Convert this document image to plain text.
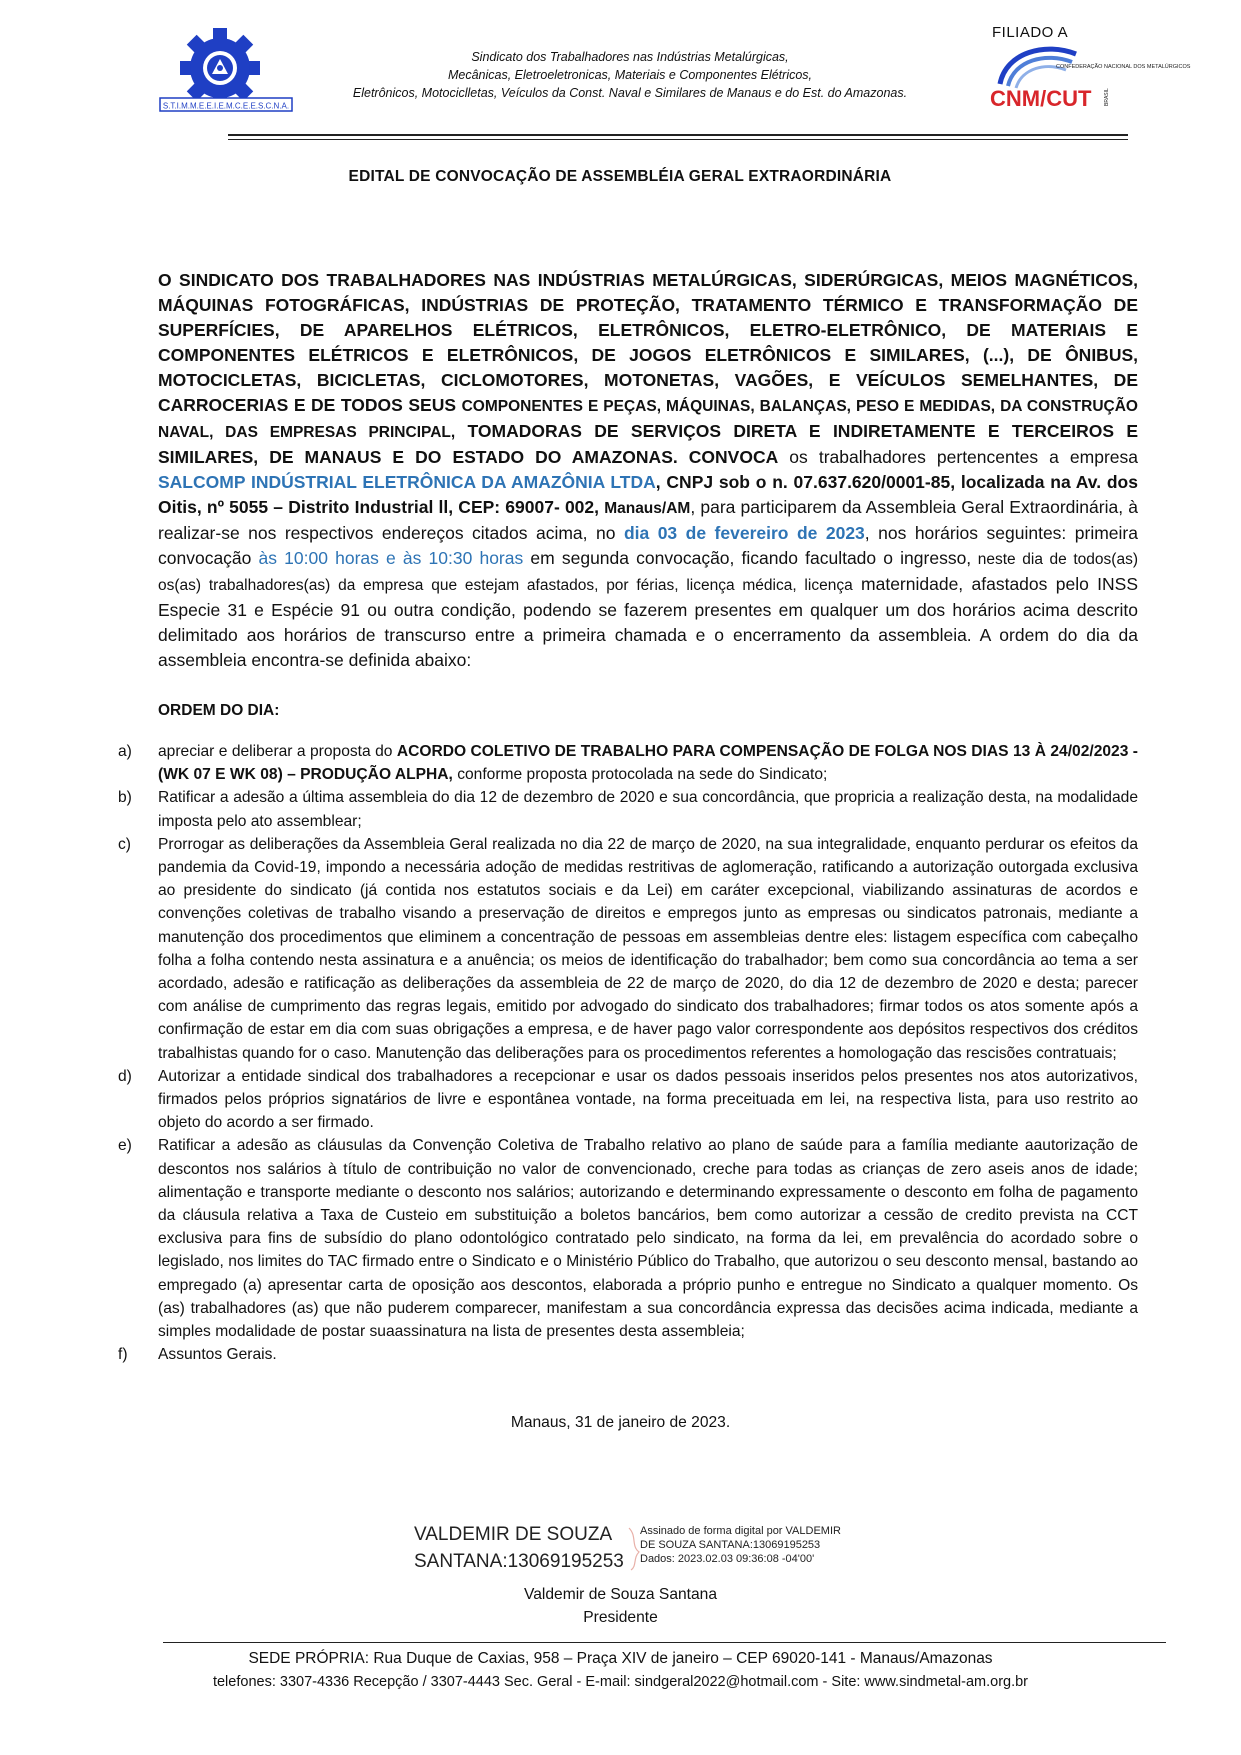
S.T.I.M.M.E.E.I.E.M.C.E.E.S.C.N.A.
Sindicato dos Trabalhadores nas Indústrias Metalúrgicas,
Mecânicas, Eletroeletronicas, Materiais e Componentes Elétricos,
Eletrônicos, Motociclletas, Veículos da Const. Naval e Similares de Manaus e do Est. do Amazonas.
FILIADO A
CONFEDERAÇÃO NACIONAL DOS METALÚRGICOS
CNM/CUT	BRASIL
EDITAL DE CONVOCAÇÃO DE ASSEMBLÉIA GERAL EXTRAORDINÁRIA
O SINDICATO DOS TRABALHADORES NAS INDÚSTRIAS METALÚRGICAS, SIDERÚRGICAS, MEIOS MAGNÉTICOS, MÁQUINAS FOTOGRÁFICAS, INDÚSTRIAS DE PROTEÇÃO, TRATAMENTO TÉRMICO E TRANSFORMAÇÃO DE SUPERFÍCIES, DE APARELHOS ELÉTRICOS, ELETRÔNICOS, ELETRO-ELETRÔNICO, DE MATERIAIS E COMPONENTES ELÉTRICOS E ELETRÔNICOS, DE JOGOS ELETRÔNICOS E SIMILARES, (...), DE ÔNIBUS, MOTOCICLETAS, BICICLETAS, CICLOMOTORES, MOTONETAS, VAGÕES, E VEÍCULOS SEMELHANTES, DE CARROCERIAS E DE TODOS SEUS COMPONENTES E PEÇAS, MÁQUINAS, BALANÇAS, PESO E MEDIDAS, DA CONSTRUÇÃO NAVAL, DAS EMPRESAS PRINCIPAL, TOMADORAS DE SERVIÇOS DIRETA E INDIRETAMENTE E TERCEIROS E SIMILARES, DE MANAUS E DO ESTADO DO AMAZONAS. CONVOCA os trabalhadores pertencentes a empresa SALCOMP INDÚSTRIAL ELETRÔNICA DA AMAZÔNIA LTDA, CNPJ sob o n. 07.637.620/0001-85, localizada na Av. dos Oitis, nº 5055 – Distrito Industrial ll, CEP: 69007- 002, Manaus/AM, para participarem da Assembleia Geral Extraordinária, à realizar-se nos respectivos endereços citados acima, no dia 03 de fevereiro de 2023, nos horários seguintes: primeira convocação às 10:00 horas e às 10:30 horas em segunda convocação, ficando facultado o ingresso, neste dia de todos(as) os(as) trabalhadores(as) da empresa que estejam afastados, por férias, licença médica, licença maternidade, afastados pelo INSS Especie 31 e Espécie 91 ou outra condição, podendo se fazerem presentes em qualquer um dos horários acima descrito delimitado aos horários de transcurso entre a primeira chamada e o encerramento da assembleia. A ordem do dia da assembleia encontra-se definida abaixo:
ORDEM DO DIA:
a)	apreciar e deliberar a proposta do ACORDO COLETIVO DE TRABALHO PARA COMPENSAÇÃO DE FOLGA NOS DIAS 13 À 24/02/2023 - (WK 07 E WK 08) – PRODUÇÃO ALPHA, conforme proposta protocolada na sede do Sindicato;
b)	Ratificar a adesão a última assembleia do dia 12 de dezembro de 2020 e sua concordância, que propricia a realização desta, na modalidade imposta pelo ato assemblear;
c)	Prorrogar as deliberações da Assembleia Geral realizada no dia 22 de março de 2020, na sua integralidade, enquanto perdurar os efeitos da pandemia da Covid-19, impondo a necessária adoção de medidas restritivas de aglomeração, ratificando a autorização outorgada exclusiva ao presidente do sindicato (já contida nos estatutos sociais e da Lei) em caráter excepcional, viabilizando assinaturas de acordos e convenções coletivas de trabalho visando a preservação de direitos e empregos junto as empresas ou sindicatos patronais, mediante a manutenção dos procedimentos que eliminem a concentração de pessoas em assembleias dentre eles: listagem específica com cabeçalho folha a folha contendo nesta assinatura e a anuência; os meios de identificação do trabalhador; bem como sua concordância ao tema a ser acordado, adesão e ratificação as deliberações da assembleia de 22 de março de 2020, do dia 12 de dezembro de 2020 e desta; parecer com análise de cumprimento das regras legais, emitido por advogado do sindicato dos trabalhadores; firmar todos os atos somente após a confirmação de estar em dia com suas obrigações a empresa, e de haver pago valor correspondente aos depósitos respectivos dos créditos trabalhistas quando for o caso. Manutenção das deliberações para os procedimentos referentes a homologação das rescisões contratuais;
d)	Autorizar a entidade sindical dos trabalhadores a recepcionar e usar os dados pessoais inseridos pelos presentes nos atos autorizativos, firmados pelos próprios signatários de livre e espontânea vontade, na forma preceituada em lei, na respectiva lista, para uso restrito ao objeto do acordo a ser firmado.
e)	Ratificar a adesão as cláusulas da Convenção Coletiva de Trabalho relativo ao plano de saúde para a família mediante aautorização de descontos nos salários à título de contribuição no valor de convencionado, creche para todas as crianças de zero aseis anos de idade; alimentação e transporte mediante o desconto nos salários; autorizando e determinando expressamente o desconto em folha de pagamento da cláusula relativa a Taxa de Custeio em substituição a boletos bancários, bem como autorizar a cessão de credito prevista na CCT exclusiva para fins de subsídio do plano odontológico contratado pelo sindicato, na forma da lei, em prevalência do acordado sobre o legislado, nos limites do TAC firmado entre o Sindicato e o Ministério Público do Trabalho, que autorizou o seu desconto mensal, bastando ao empregado (a) apresentar carta de oposição aos descontos, elaborada a próprio punho e entregue no Sindicato a qualquer momento. Os (as) trabalhadores (as) que não puderem comparecer, manifestam a sua concordância expressa das decisões acima indicada, mediante a simples modalidade de postar suaassinatura na lista de presentes desta assembleia;
f)	Assuntos Gerais.
Manaus, 31 de janeiro de 2023.
VALDEMIR DE SOUZA
SANTANA:13069195253
Assinado de forma digital por VALDEMIR
DE SOUZA SANTANA:13069195253
Dados: 2023.02.03 09:36:08 -04'00'
Valdemir de Souza Santana
Presidente
SEDE PRÓPRIA: Rua Duque de Caxias, 958 – Praça XIV de janeiro – CEP 69020-141 - Manaus/Amazonas
telefones: 3307-4336 Recepção / 3307-4443 Sec. Geral - E-mail: sindgeral2022@hotmail.com - Site: www.sindmetal-am.org.br
